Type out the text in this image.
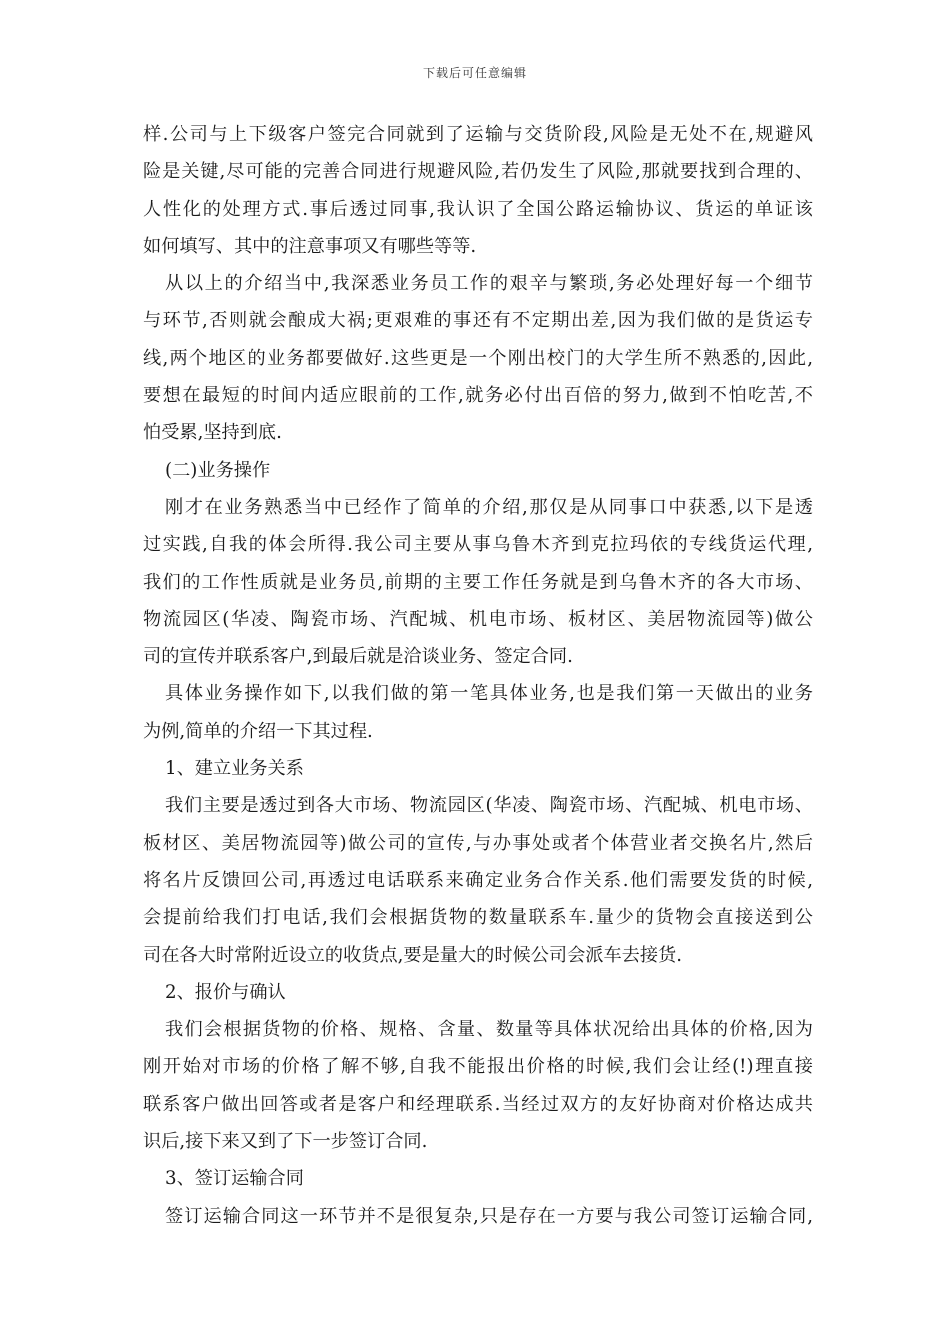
下载后可任意编辑
样.公司与上下级客户签完合同就到了运输与交货阶段,风险是无处不在,规避风
险是关键,尽可能的完善合同进行规避风险,若仍发生了风险,那就要找到合理的、
人性化的处理方式.事后透过同事,我认识了全国公路运输协议、货运的单证该
如何填写、其中的注意事项又有哪些等等.
从以上的介绍当中,我深悉业务员工作的艰辛与繁琐,务必处理好每一个细节
与环节,否则就会酿成大祸;更艰难的事还有不定期出差,因为我们做的是货运专
线,两个地区的业务都要做好.这些更是一个刚出校门的大学生所不熟悉的,因此,
要想在最短的时间内适应眼前的工作,就务必付出百倍的努力,做到不怕吃苦,不
怕受累,坚持到底.
(二)业务操作
刚才在业务熟悉当中已经作了简单的介绍,那仅是从同事口中获悉,以下是透
过实践,自我的体会所得.我公司主要从事乌鲁木齐到克拉玛依的专线货运代理,
我们的工作性质就是业务员,前期的主要工作任务就是到乌鲁木齐的各大市场、
物流园区(华凌、陶瓷市场、汽配城、机电市场、板材区、美居物流园等)做公
司的宣传并联系客户,到最后就是洽谈业务、签定合同.
具体业务操作如下,以我们做的第一笔具体业务,也是我们第一天做出的业务
为例,简单的介绍一下其过程.
1、建立业务关系
我们主要是透过到各大市场、物流园区(华凌、陶瓷市场、汽配城、机电市场、
板材区、美居物流园等)做公司的宣传,与办事处或者个体营业者交换名片,然后
将名片反馈回公司,再透过电话联系来确定业务合作关系.他们需要发货的时候,
会提前给我们打电话,我们会根据货物的数量联系车.量少的货物会直接送到公
司在各大时常附近设立的收货点,要是量大的时候公司会派车去接货.
2、报价与确认
我们会根据货物的价格、规格、含量、数量等具体状况给出具体的价格,因为
刚开始对市场的价格了解不够,自我不能报出价格的时候,我们会让经(!)理直接
联系客户做出回答或者是客户和经理联系.当经过双方的友好协商对价格达成共
识后,接下来又到了下一步签订合同.
3、签订运输合同
签订运输合同这一环节并不是很复杂,只是存在一方要与我公司签订运输合同,
